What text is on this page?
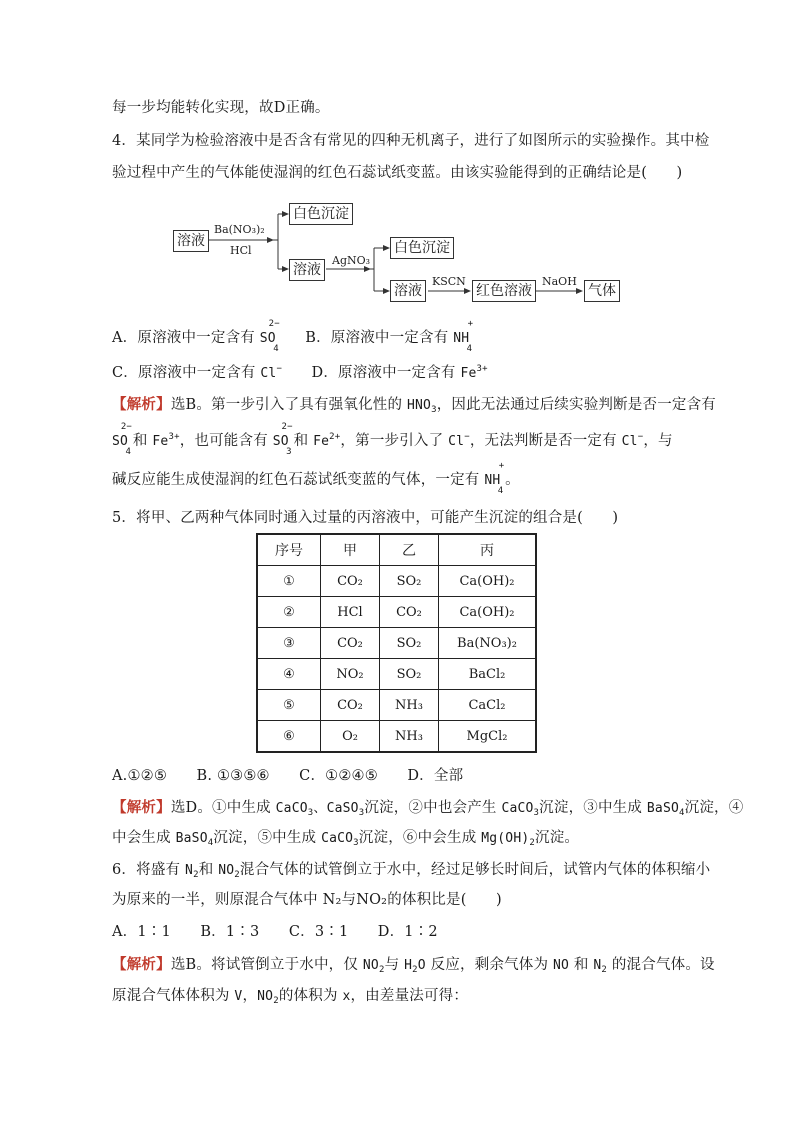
每一步均能转化实现，故D正确。
4．某同学为检验溶液中是否含有常见的四种无机离子，进行了如图所示的实验操作。其中检
验过程中产生的气体能使湿润的红色石蕊试纸变蓝。由该实验能得到的正确结论是(　　)
溶液
Ba(NO₃)₂
HCl
白色沉淀
溶液
AgNO₃
白色沉淀
溶液
KSCN
红色溶液
NaOH
气体
A．原溶液中一定含有 SO
2−
4
　　B．原溶液中一定含有 NH
+
4
C．原溶液中一定含有 Cl−　　D．原溶液中一定含有 $Fe^{3+}$
【解析】选B。第一步引入了具有强氧化性的 $HNO_3$，因此无法通过后续实验判断是否一定含有
SO
2−
4
和 $Fe^{3+}$，也可能含有 SO
2−
3
和 $Fe^{2+}$，第一步引入了 Cl−，无法判断是否一定有 Cl−，与
碱反应能生成使湿润的红色石蕊试纸变蓝的气体，一定有 NH
+
4
。
5．将甲、乙两种气体同时通入过量的丙溶液中，可能产生沉淀的组合是(　　)
序号	甲	乙	丙
①	CO₂	SO₂	Ca(OH)₂
②	HCl	CO₂	Ca(OH)₂
③	CO₂	SO₂	Ba(NO₃)₂
④	NO₂	SO₂	BaCl₂
⑤	CO₂	NH₃	CaCl₂
⑥	O₂	NH₃	MgCl₂
A.①②⑤　　B. ①③⑤⑥　　C．①②④⑤　　D．全部
【解析】选D。①中生成 CaCO$_3$、CaSO$_3$沉淀，②中也会产生 CaCO$_3$沉淀，③中生成 BaSO$_4$沉淀，④
中会生成 BaSO$_4$沉淀，⑤中生成 CaCO$_3$沉淀，⑥中会生成 $Mg(OH)_2$沉淀。
6．将盛有 $N_2$和 $NO_2$混合气体的试管倒立于水中，经过足够长时间后，试管内气体的体积缩小
为原来的一半，则原混合气体中 N₂与NO₂的体积比是(　　)
A．1∶1　　B．1∶3　　C．3∶1　　D．1∶2
【解析】选B。将试管倒立于水中，仅 $NO_2$与 $H_2O$ 反应，剩余气体为 NO 和 $N_2$ 的混合气体。设
原混合气体体积为 V，$NO_2$的体积为 x，由差量法可得：
